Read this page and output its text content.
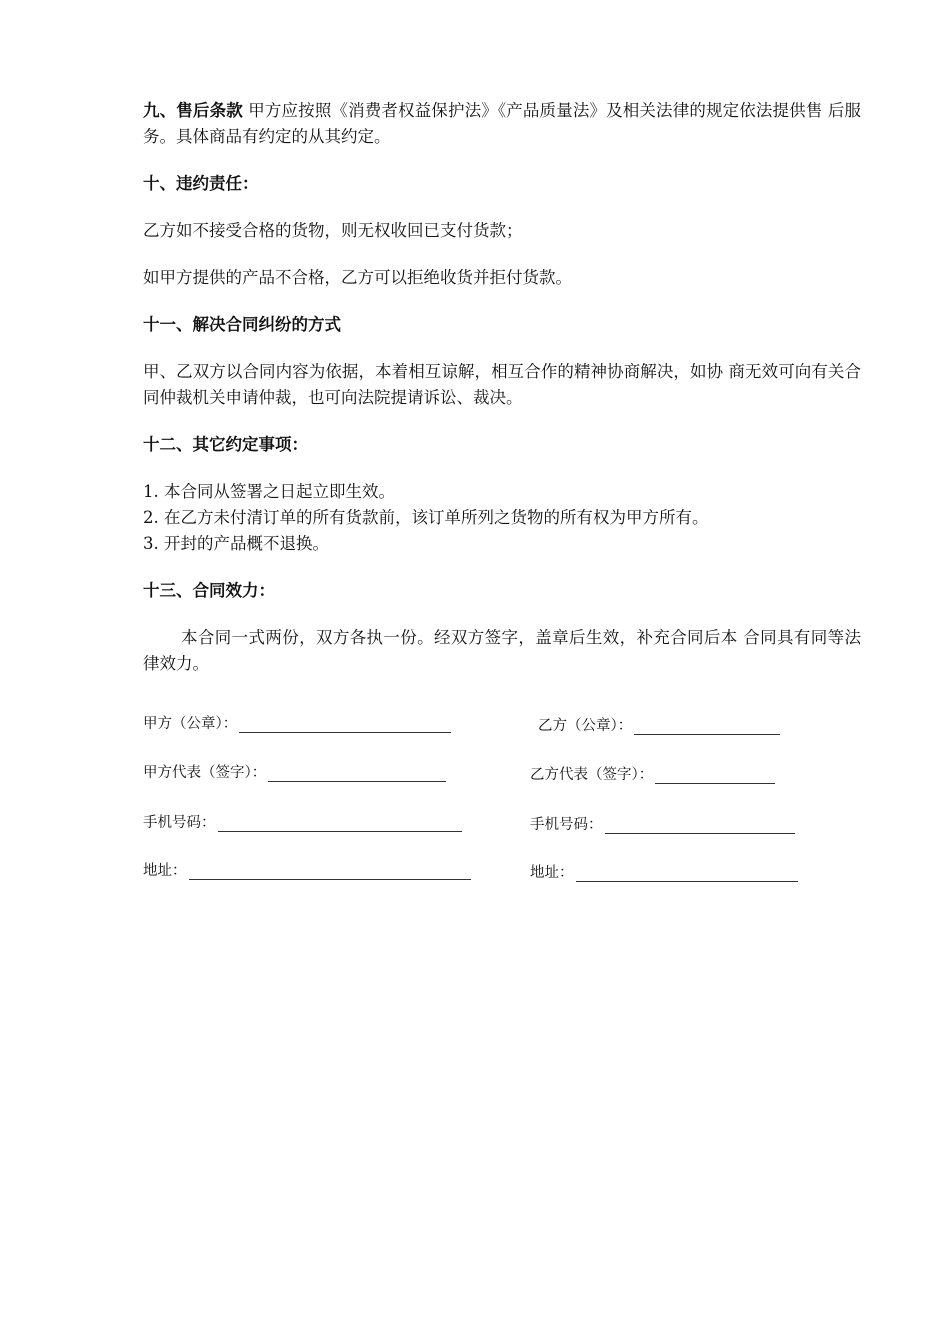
九、售后条款 甲方应按照《消费者权益保护法》《产品质量法》及相关法律的规定依法提供售 后服务。具体商品有约定的从其约定。

十、违约责任：

乙方如不接受合格的货物，则无权收回已支付货款；

如甲方提供的产品不合格，乙方可以拒绝收货并拒付货款。

十一、解决合同纠纷的方式

甲、乙双方以合同内容为依据，本着相互谅解，相互合作的精神协商解决，如协 商无效可向有关合同仲裁机关申请仲裁，也可向法院提请诉讼、裁决。

十二、其它约定事项：

1. 本合同从签署之日起立即生效。
2. 在乙方未付清订单的所有货款前，该订单所列之货物的所有权为甲方所有。
3. 开封的产品概不退换。

十三、合同效力：

本合同一式两份，双方各执一份。经双方签字，盖章后生效，补充合同后本 合同具有同等法律效力。

甲方（公章）：
甲方代表（签字）：
手机号码：
地址：
乙方（公章）：
乙方代表（签字）：
手机号码：
地址：
